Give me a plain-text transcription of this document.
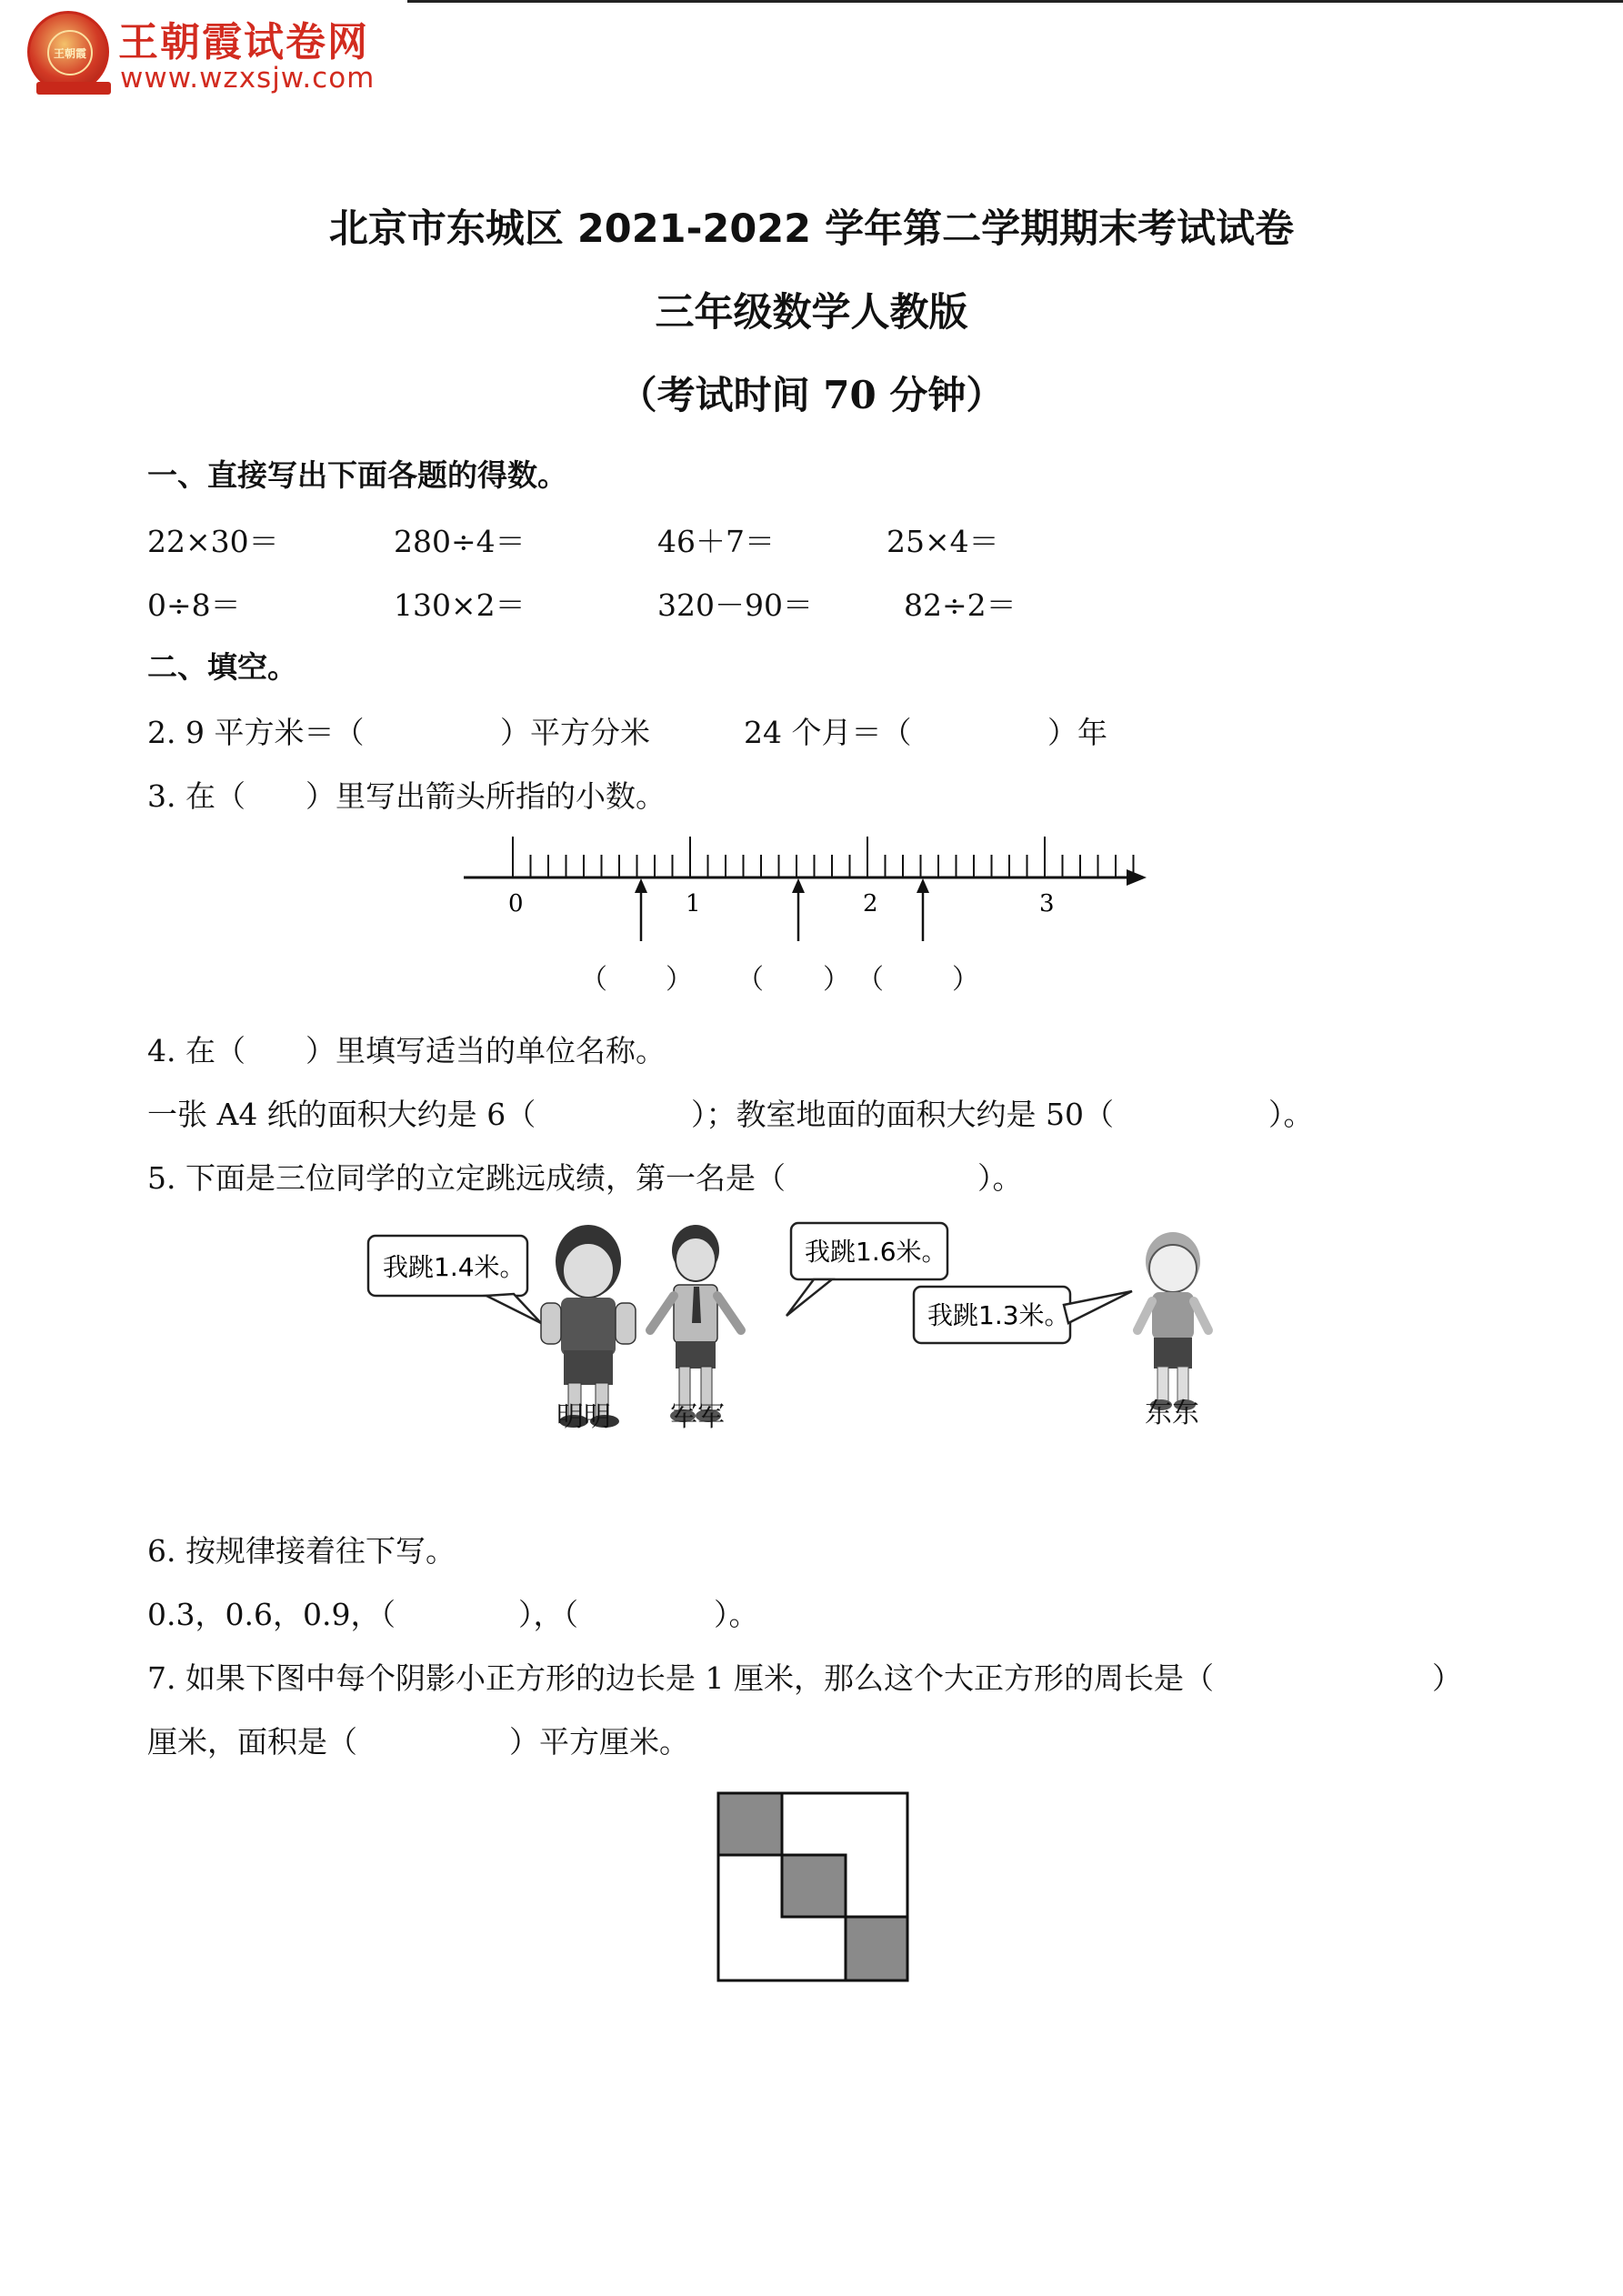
王朝霞 王朝霞试卷网
www.wzxsjw.com
北京市东城区 2021-2022 学年第二学期期末考试试卷
三年级数学人教版
（考试时间 70 分钟）
一、直接写出下面各题的得数。
22×30＝	280÷4＝	46＋7＝	25×4＝
0÷8＝	130×2＝	320－90＝	82÷2＝
二、填空。
2. 9 平方米＝（	）平方分米	24 个月＝（	）年
3. 在（　　）里写出箭头所指的小数。
0	1	2	3
（ ） （ ） （	）
4. 在（　　）里填写适当的单位名称。
一张 A4 纸的面积大约是 6（	）；教室地面的面积大约是 50（	）。
5. 下面是三位同学的立定跳远成绩，第一名是（	）。
我跳1.4米。
我跳1.6米。
我跳1.3米。
明明 军军	东东
6. 按规律接着往下写。
0.3，0.6，0.9，（	），（	）。
7. 如果下图中每个阴影小正方形的边长是 1 厘米，那么这个大正方形的周长是（	）
厘米，面积是（	）平方厘米。
